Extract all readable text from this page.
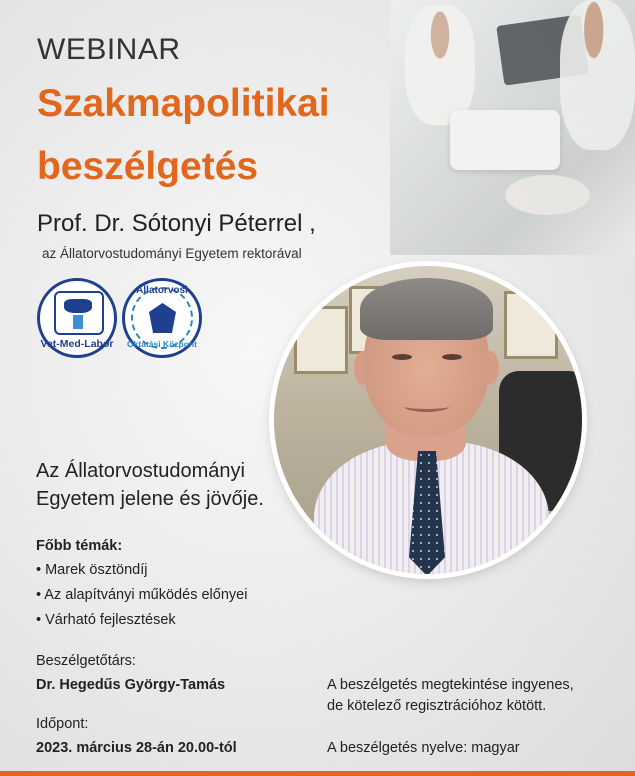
WEBINAR
Szakmapolitikai
beszélgetés
Prof. Dr. Sótonyi Péterrel ,
az Állatorvostudományi Egyetem rektorával
Vet-Med-Labor
Állatorvosi
Oktatási Központ
Az Állatorvostudományi
Egyetem jelene és jövője.
Főbb témák:
• Marek ösztöndíj
• Az alapítványi működés előnyei
• Várható fejlesztések
Beszélgetőtárs:
Dr. Hegedűs György-Tamás
Időpont:
2023. március 28-án 20.00-tól
A beszélgetés megtekintése ingyenes,
de kötelező regisztrációhoz kötött.
A beszélgetés nyelve: magyar
